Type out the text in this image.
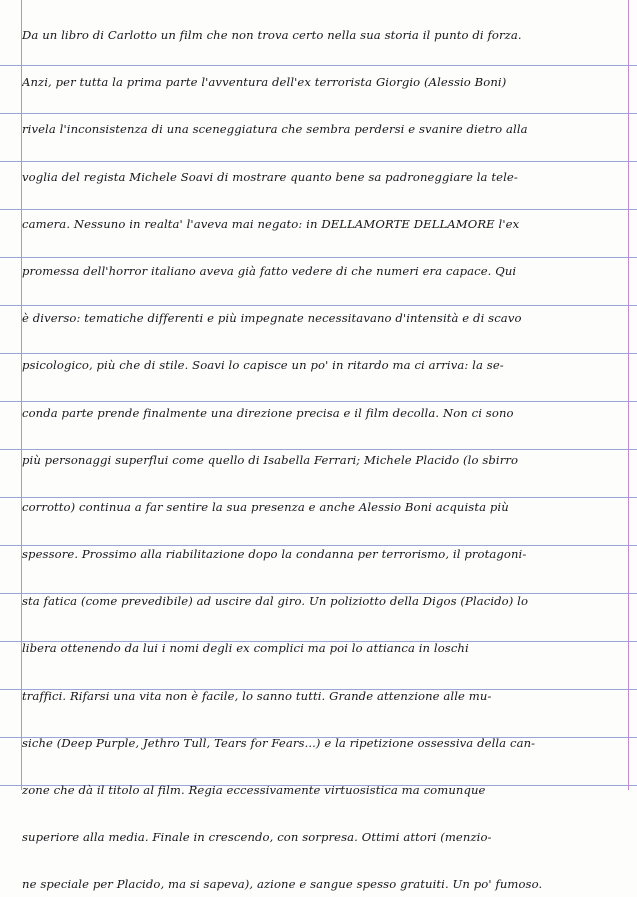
Da un libro di Carlotto un film che non trova certo nella sua storia il punto di forza.
Anzi, per tutta la prima parte l'avventura dell'ex terrorista Giorgio (Alessio Boni)
rivela l'inconsistenza di una sceneggiatura che sembra perdersi e svanire dietro alla
voglia del regista Michele Soavi di mostrare quanto bene sa padroneggiare la tele-
camera. Nessuno in realta' l'aveva mai negato: in DELLAMORTE DELLAMORE l'ex
promessa dell'horror italiano aveva già fatto vedere di che numeri era capace. Qui
è diverso: tematiche differenti e più impegnate necessitavano d'intensità e di scavo
psicologico, più che di stile. Soavi lo capisce un po' in ritardo ma ci arriva: la se-
conda parte prende finalmente una direzione precisa e il film decolla. Non ci sono
più personaggi superflui come quello di Isabella Ferrari; Michele Placido (lo sbirro
corrotto) continua a far sentire la sua presenza e anche Alessio Boni acquista più
spessore. Prossimo alla riabilitazione dopo la condanna per terrorismo, il protagoni-
sta fatica (come prevedibile) ad uscire dal giro. Un poliziotto della Digos (Placido) lo
libera ottenendo da lui i nomi degli ex complici ma poi lo attianca in loschi
traffici. Rifarsi una vita non è facile, lo sanno tutti. Grande attenzione alle mu-
siche (Deep Purple, Jethro Tull, Tears for Fears...) e la ripetizione ossessiva della can-
zone che dà il titolo al film. Regia eccessivamente virtuosistica ma comunque
superiore alla media. Finale in crescendo, con sorpresa. Ottimi attori (menzio-
ne speciale per Placido, ma si sapeva), azione e sangue spesso gratuiti. Un po' fumoso.
